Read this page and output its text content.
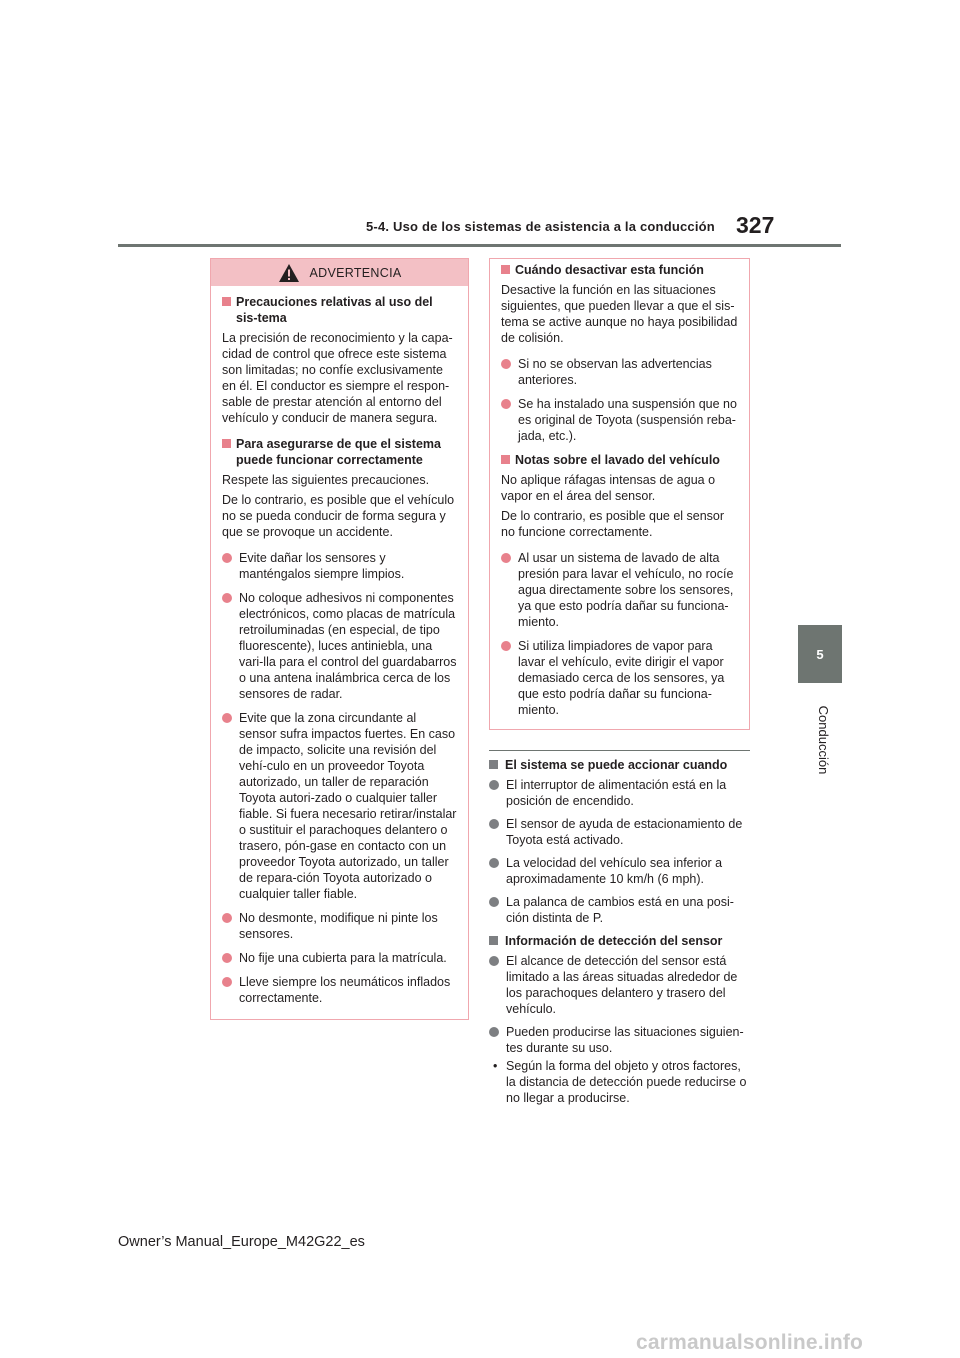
5-4. Uso de los sistemas de asistencia a la conducción 327
5
Conducción
ADVERTENCIA
Precauciones relativas al uso del sis-tema

La precisión de reconocimiento y la capa-cidad de control que ofrece este sistema son limitadas; no confíe exclusivamente en él. El conductor es siempre el respon-sable de prestar atención al entorno del vehículo y conducir de manera segura.

Para asegurarse de que el sistema puede funcionar correctamente

Respete las siguientes precauciones.

De lo contrario, es posible que el vehículo no se pueda conducir de forma segura y que se provoque un accidente.

Evite dañar los sensores y manténgalos siempre limpios.
No coloque adhesivos ni componentes electrónicos, como placas de matrícula retroiluminadas (en especial, de tipo fluorescente), luces antiniebla, una vari-lla para el control del guardabarros o una antena inalámbrica cerca de los sensores de radar.
Evite que la zona circundante al sensor sufra impactos fuertes. En caso de impacto, solicite una revisión del vehí-culo en un proveedor Toyota autorizado, un taller de reparación Toyota autori-zado o cualquier taller fiable. Si fuera necesario retirar/instalar o sustituir el parachoques delantero o trasero, pón-gase en contacto con un proveedor Toyota autorizado, un taller de repara-ción Toyota autorizado o cualquier taller fiable.
No desmonte, modifique ni pinte los sensores.
No fije una cubierta para la matrícula.
Lleve siempre los neumáticos inflados correctamente.
Cuándo desactivar esta función

Desactive la función en las situaciones siguientes, que pueden llevar a que el sis-tema se active aunque no haya posibilidad de colisión.

Si no se observan las advertencias anteriores.
Se ha instalado una suspensión que no es original de Toyota (suspensión reba-jada, etc.).
Notas sobre el lavado del vehículo

No aplique ráfagas intensas de agua o vapor en el área del sensor.

De lo contrario, es posible que el sensor no funcione correctamente.

Al usar un sistema de lavado de alta presión para lavar el vehículo, no rocíe agua directamente sobre los sensores, ya que esto podría dañar su funciona-miento.
Si utiliza limpiadores de vapor para lavar el vehículo, evite dirigir el vapor demasiado cerca de los sensores, ya que esto podría dañar su funciona-miento.
El sistema se puede accionar cuando
El interruptor de alimentación está en la posición de encendido.
El sensor de ayuda de estacionamiento de Toyota está activado.
La velocidad del vehículo sea inferior a aproximadamente 10 km/h (6 mph).
La palanca de cambios está en una posi-ción distinta de P.
Información de detección del sensor
El alcance de detección del sensor está limitado a las áreas situadas alrededor de los parachoques delantero y trasero del vehículo.
Pueden producirse las situaciones siguien-tes durante su uso.
• Según la forma del objeto y otros factores, la distancia de detección puede reducirse o no llegar a producirse.
Owner’s Manual_Europe_M42G22_es
carmanualsonline.info
